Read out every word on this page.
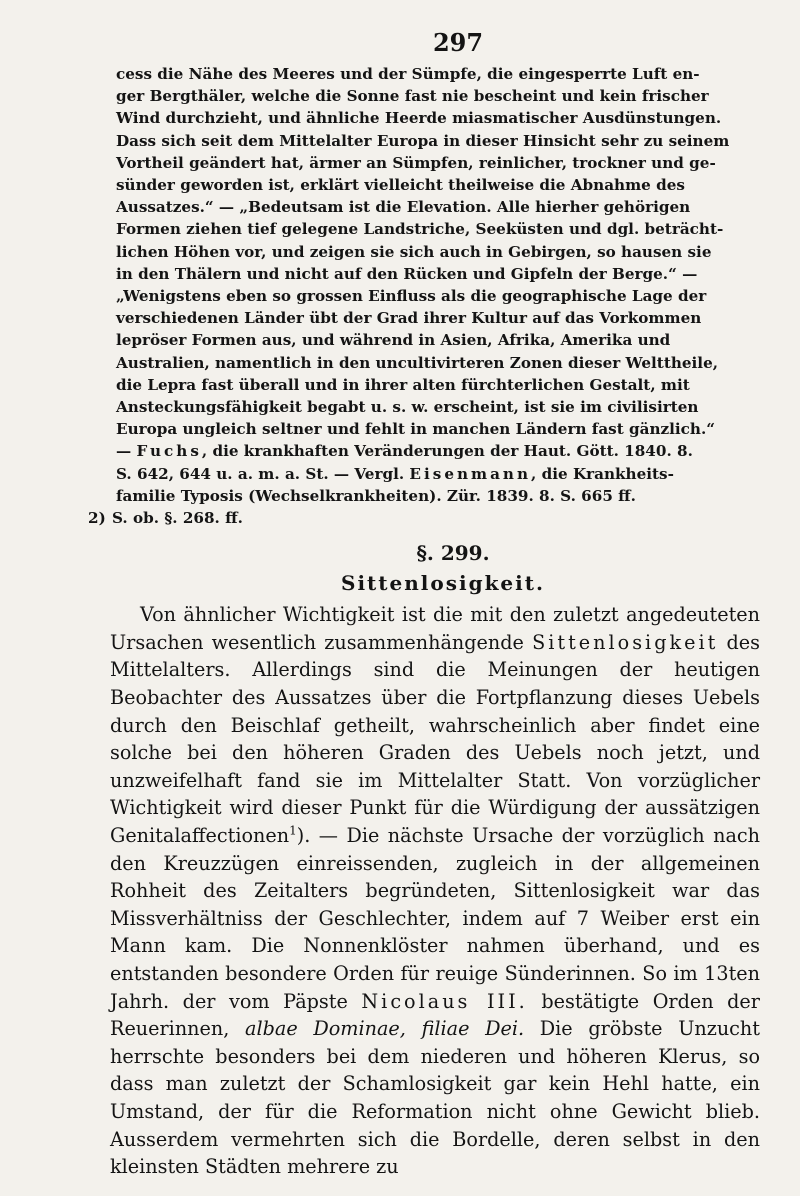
297

cess die Nähe des Meeres und der Sümpfe, die eingesperrte Luft en-

ger Bergthäler, welche die Sonne fast nie bescheint und kein frischer

Wind durchzieht, und ähnliche Heerde miasmatischer Ausdünstungen.

Dass sich seit dem Mittelalter Europa in dieser Hinsicht sehr zu seinem

Vortheil geändert hat, ärmer an Sümpfen, reinlicher, trockner und ge-

sünder geworden ist, erklärt vielleicht theilweise die Abnahme des

Aussatzes.“ — „Bedeutsam ist die Elevation. Alle hierher gehörigen

Formen ziehen tief gelegene Landstriche, Seeküsten und dgl. beträcht-

lichen Höhen vor, und zeigen sie sich auch in Gebirgen, so hausen sie

in den Thälern und nicht auf den Rücken und Gipfeln der Berge.“ —

„Wenigstens eben so grossen Einfluss als die geographische Lage der

verschiedenen Länder übt der Grad ihrer Kultur auf das Vorkommen

lepröser Formen aus, und während in Asien, Afrika, Amerika und

Australien, namentlich in den uncultivirteren Zonen dieser Welttheile,

die Lepra fast überall und in ihrer alten fürchterlichen Gestalt, mit

Ansteckungsfähigkeit begabt u. s. w. erscheint, ist sie im civilisirten

Europa ungleich seltner und fehlt in manchen Ländern fast gänzlich.“

— Fuchs, die krankhaften Veränderungen der Haut. Gött. 1840. 8.

S. 642, 644 u. a. m. a. St. — Vergl. Eisenmann, die Krankheits-

familie Typosis (Wechselkrankheiten). Zür. 1839. 8. S. 665 ff.

2) S. ob. §. 268. ff.

§. 299.
Sittenlosigkeit.

Von ähnlicher Wichtigkeit ist die mit den zuletzt angedeuteten Ursachen wesentlich zusammenhängende Sittenlosigkeit des Mittelalters. Allerdings sind die Meinungen der heutigen Beobachter des Aussatzes über die Fortpflanzung dieses Uebels durch den Beischlaf getheilt, wahrscheinlich aber findet eine solche bei den höheren Graden des Uebels noch jetzt, und unzweifelhaft fand sie im Mittelalter Statt. Von vorzüglicher Wichtigkeit wird dieser Punkt für die Würdigung der aussätzigen Genitalaffectionen$^1$). — Die nächste Ursache der vorzüglich nach den Kreuzzügen einreissenden, zugleich in der allgemeinen Rohheit des Zeitalters begründeten, Sittenlosigkeit war das Missverhältniss der Geschlechter, indem auf 7 Weiber erst ein Mann kam. Die Nonnenklöster nahmen überhand, und es entstanden besondere Orden für reuige Sünderinnen. So im 13ten Jahrh. der vom Päpste Nicolaus III. bestätigte Orden der Reuerinnen, albae Dominae, filiae Dei. Die gröbste Unzucht herrschte besonders bei dem niederen und höheren Klerus, so dass man zuletzt der Schamlosigkeit gar kein Hehl hatte, ein Umstand, der für die Reformation nicht ohne Gewicht blieb. Ausserdem vermehrten sich die Bordelle, deren selbst in den kleinsten Städten mehrere zu
